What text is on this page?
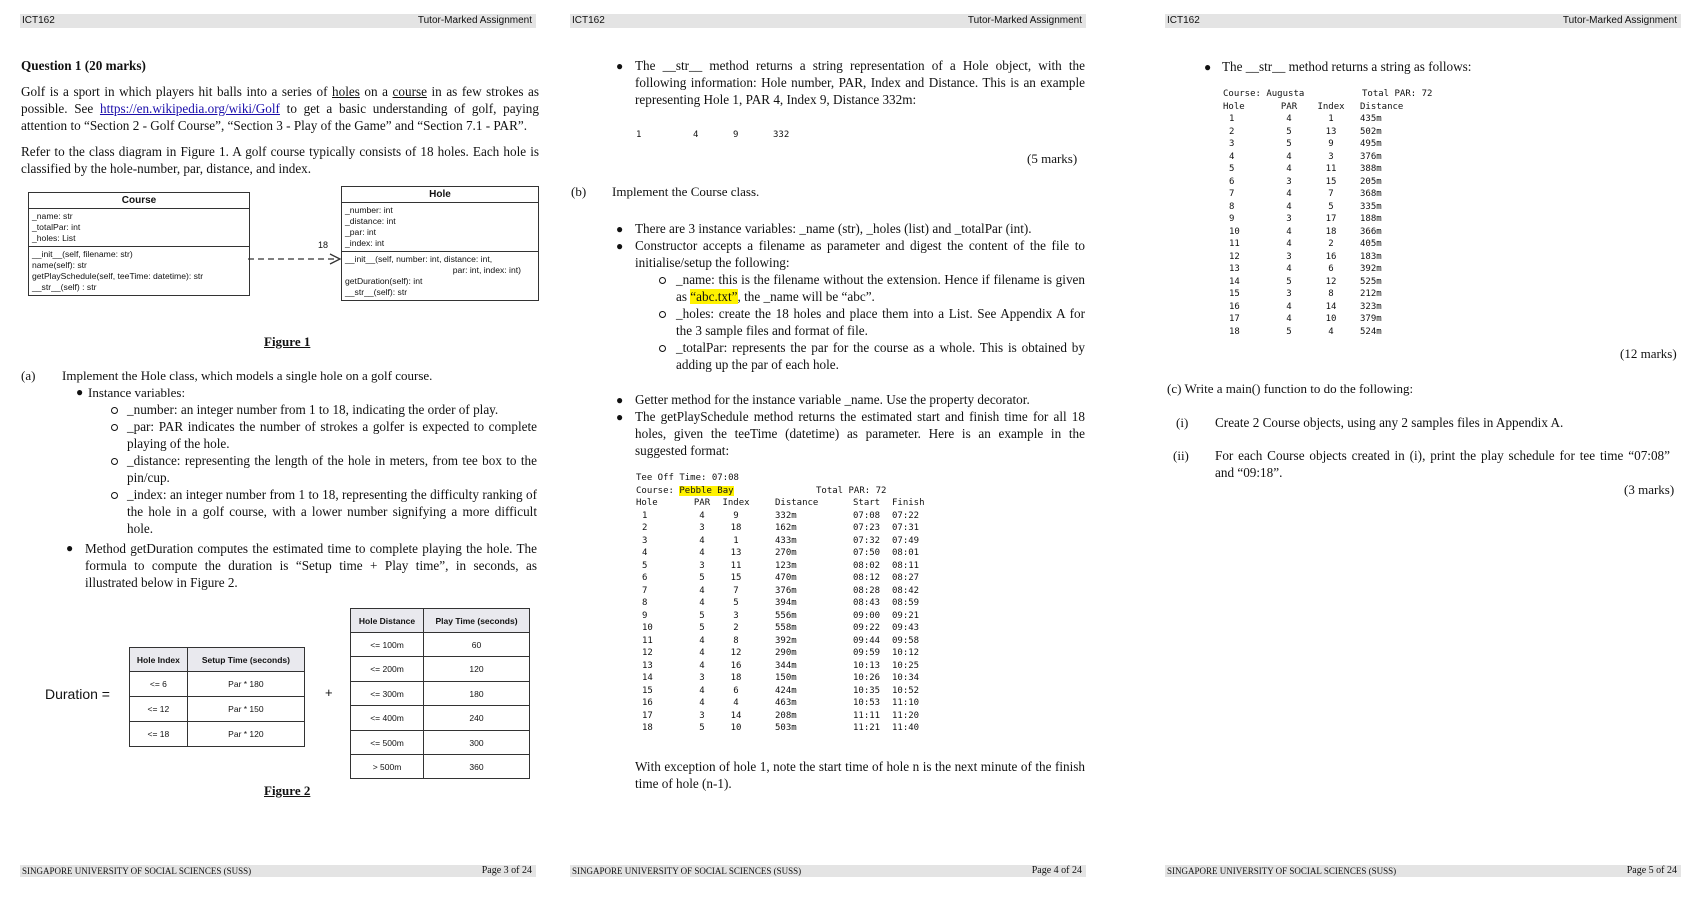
ICT162	Tutor-Marked Assignment
Question 1 (20 marks)
Golf is a sport in which players hit balls into a series of holes on a course in as few strokes as possible. See https://en.wikipedia.org/wiki/Golf to get a basic understanding of golf, paying attention to “Section 2 - Golf Course”, “Section 3 - Play of the Game” and “Section 7.1 - PAR”.
Refer to the class diagram in Figure 1. A golf course typically consists of 18 holes. Each hole is classified by the hole-number, par, distance, and index.
Course
_name: str
_totalPar: int
_holes: List
__init__(self, filename: str)
name(self): str
getPlaySchedule(self, teeTime: datetime): str
__str__(self) : str
18
Hole
_number: int
_distance: int
_par: int
_index: int
__init__(self, number: int, distance: int,
par: int, index: int)
getDuration(self): int
__str__(self): str
Figure 1
(a) Implement the Hole class, which models a single hole on a golf course.
● Instance variables:
_number: an integer number from 1 to 18, indicating the order of play.
_par: PAR indicates the number of strokes a golfer is expected to complete playing of the hole.
_distance: representing the length of the hole in meters, from tee box to the pin/cup.
_index: an integer number from 1 to 18, representing the difficulty ranking of the hole in a golf course, with a lower number signifying a more difficult hole.
● Method getDuration computes the estimated time to complete playing the hole. The formula to compute the duration is “Setup time + Play time”, in seconds, as illustrated below in Figure 2.
Duration =
Hole Index	Setup Time (seconds)
<= 6	Par * 180
<= 12	Par * 150
<= 18	Par * 120
+
Hole Distance	Play Time (seconds)
<= 100m	60
<= 200m	120
<= 300m	180
<= 400m	240
<= 500m	300
> 500m	360
Figure 2
SINGAPORE UNIVERSITY OF SOCIAL SCIENCES (SUSS)	Page 3 of 24
ICT162	Tutor-Marked Assignment
● The __str__ method returns a string representation of a Hole object, with the following information: Hole number, PAR, Index and Distance. This is an example representing Hole 1, PAR 4, Index 9, Distance 332m:
1	4	9	332
(5 marks)
(b) Implement the Course class.
● There are 3 instance variables: _name (str), _holes (list) and _totalPar (int).
● Constructor accepts a filename as parameter and digest the content of the file to initialise/setup the following:
_name: this is the filename without the extension. Hence if filename is given as “abc.txt”, the _name will be “abc”.
_holes: create the 18 holes and place them into a List. See Appendix A for the 3 sample files and format of file.
_totalPar: represents the par for the course as a whole. This is obtained by adding up the par of each hole.
● Getter method for the instance variable _name. Use the property decorator.
● The getPlaySchedule method returns the estimated start and finish time for all 18 holes, given the teeTime (datetime) as parameter. Here is an example in the suggested format:
Tee Off Time: 07:08
Course: Pebble Bay	Total PAR: 72
Hole	PAR	Index	Distance	Start Finish
1	4	9	332m	07:08 07:22
2	3	18	162m	07:23 07:31
3	4	1	433m	07:32 07:49
4	4	13	270m	07:50 08:01
5	3	11	123m	08:02 08:11
6	5	15	470m	08:12 08:27
7	4	7	376m	08:28 08:42
8	4	5	394m	08:43 08:59
9	5	3	556m	09:00 09:21
10	5	2	558m	09:22 09:43
11	4	8	392m	09:44 09:58
12	4	12	290m	09:59 10:12
13	4	16	344m	10:13 10:25
14	3	18	150m	10:26 10:34
15	4	6	424m	10:35 10:52
16	4	4	463m	10:53 11:10
17	3	14	208m	11:11 11:20
18	5	10	503m	11:21 11:40
With exception of hole 1, note the start time of hole n is the next minute of the finish time of hole (n-1).
SINGAPORE UNIVERSITY OF SOCIAL SCIENCES (SUSS)	Page 4 of 24
ICT162	Tutor-Marked Assignment
● The __str__ method returns a string as follows:
Course: Augusta	Total PAR: 72
Hole	PAR	Index	Distance
1	4	1	435m
2	5	13	502m
3	5	9	495m
4	4	3	376m
5	4	11	388m
6	3	15	205m
7	4	7	368m
8	4	5	335m
9	3	17	188m
10	4	18	366m
11	4	2	405m
12	3	16	183m
13	4	6	392m
14	5	12	525m
15	3	8	212m
16	4	14	323m
17	4	10	379m
18	5	4	524m
(12 marks)
(c) Write a main() function to do the following:
(i) Create 2 Course objects, using any 2 samples files in Appendix A.
(ii) For each Course objects created in (i), print the play schedule for tee time “07:08” and “09:18”.
(3 marks)
SINGAPORE UNIVERSITY OF SOCIAL SCIENCES (SUSS)	Page 5 of 24
